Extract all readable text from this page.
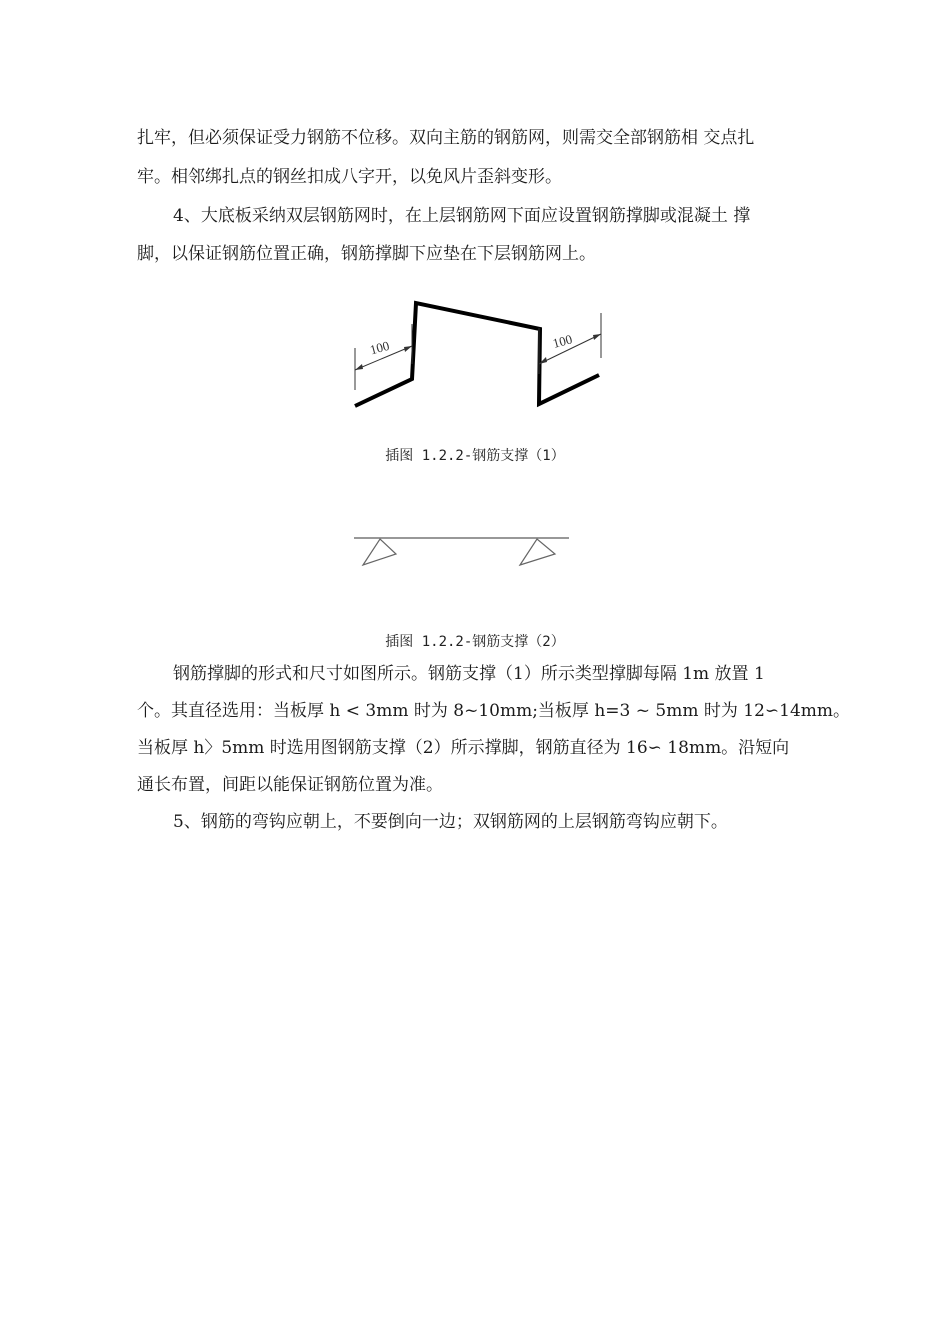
扎牢，但必须保证受力钢筋不位移。双向主筋的钢筋网，则需交全部钢筋相 交点扎
牢。相邻绑扎点的钢丝扣成八字开，以免风片歪斜变形。
4、大底板采纳双层钢筋网时，在上层钢筋网下面应设置钢筋撑脚或混凝土 撑
脚，以保证钢筋位置正确，钢筋撑脚下应垫在下层钢筋网上。
100	100
插图 1.2.2-钢筋支撑（1）
插图 1.2.2-钢筋支撑（2）
钢筋撑脚的形式和尺寸如图所示。钢筋支撑（1）所示类型撑脚每隔 1m 放置 1
个。其直径选用：当板厚 h < 3mm 时为 8~10mm;当板厚 h=3 ~ 5mm 时为 12∽14mm。
当板厚 h〉5mm 时选用图钢筋支撑（2）所示撑脚，钢筋直径为 16∽ 18mm。沿短向
通长布置，间距以能保证钢筋位置为准。
5、钢筋的弯钩应朝上，不要倒向一边；双钢筋网的上层钢筋弯钩应朝下。
